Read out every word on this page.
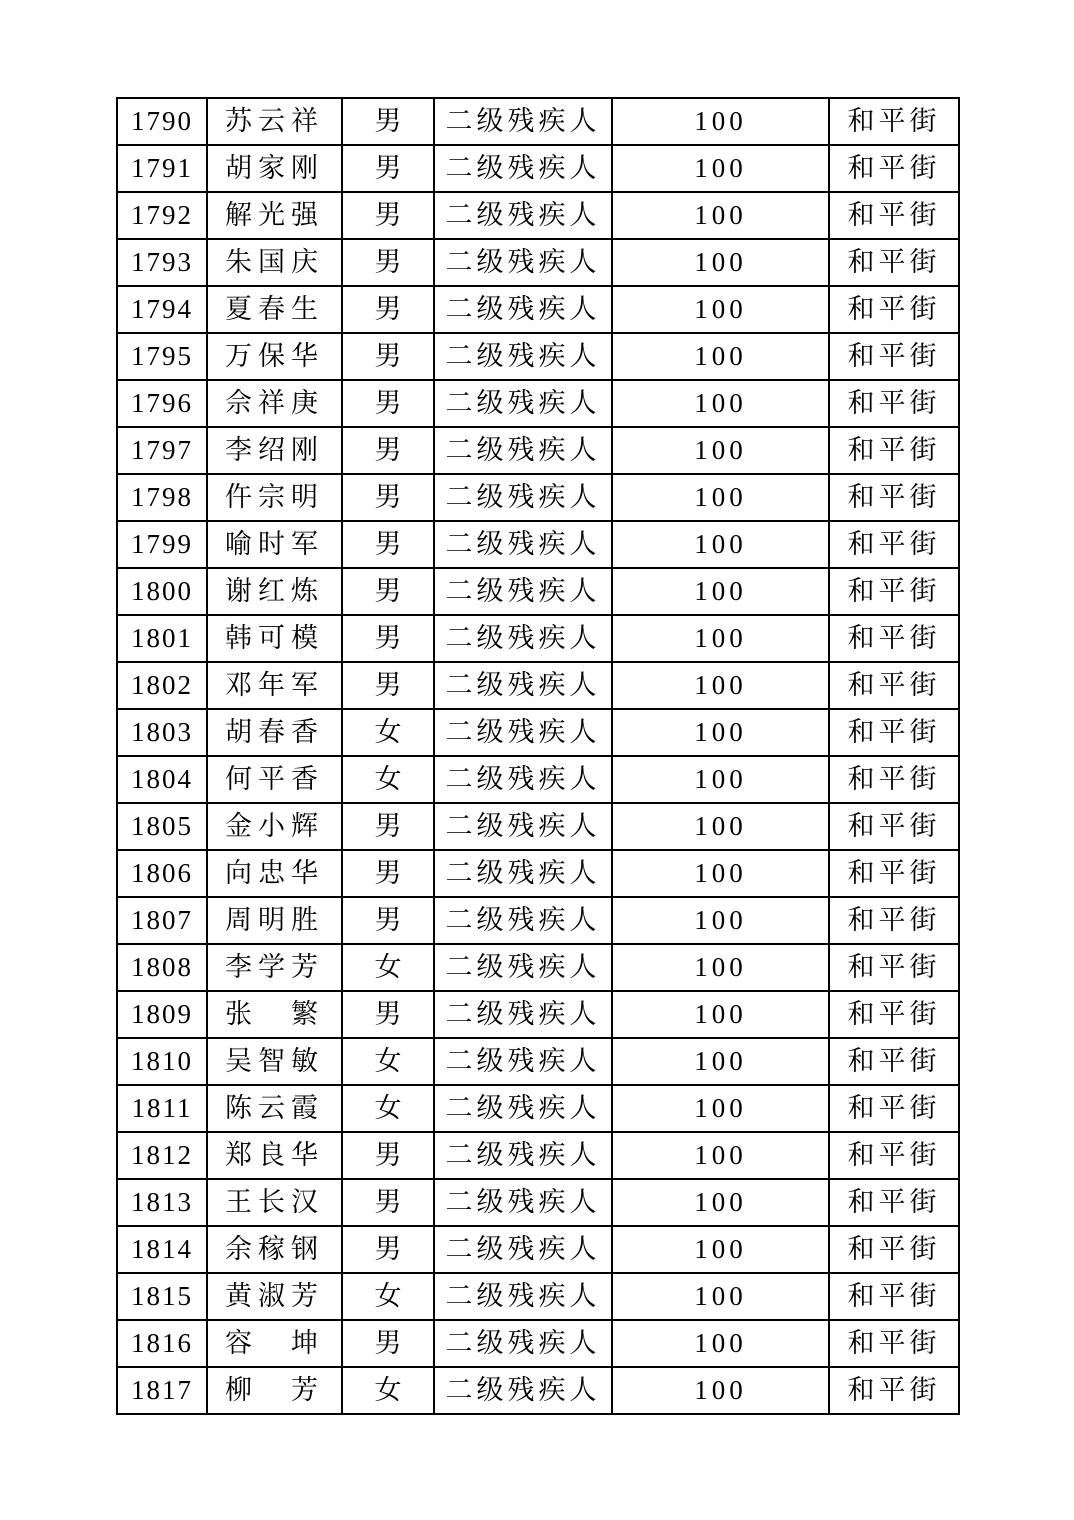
1790	苏云祥	男	二级残疾人	100	和平街
1791	胡家刚	男	二级残疾人	100	和平街
1792	解光强	男	二级残疾人	100	和平街
1793	朱国庆	男	二级残疾人	100	和平街
1794	夏春生	男	二级残疾人	100	和平街
1795	万保华	男	二级残疾人	100	和平街
1796	佘祥庚	男	二级残疾人	100	和平街
1797	李绍刚	男	二级残疾人	100	和平街
1798	仵宗明	男	二级残疾人	100	和平街
1799	喻时军	男	二级残疾人	100	和平街
1800	谢红炼	男	二级残疾人	100	和平街
1801	韩可模	男	二级残疾人	100	和平街
1802	邓年军	男	二级残疾人	100	和平街
1803	胡春香	女	二级残疾人	100	和平街
1804	何平香	女	二级残疾人	100	和平街
1805	金小辉	男	二级残疾人	100	和平街
1806	向忠华	男	二级残疾人	100	和平街
1807	周明胜	男	二级残疾人	100	和平街
1808	李学芳	女	二级残疾人	100	和平街
1809	张　繁	男	二级残疾人	100	和平街
1810	吴智敏	女	二级残疾人	100	和平街
1811	陈云霞	女	二级残疾人	100	和平街
1812	郑良华	男	二级残疾人	100	和平街
1813	王长汉	男	二级残疾人	100	和平街
1814	余稼钢	男	二级残疾人	100	和平街
1815	黄淑芳	女	二级残疾人	100	和平街
1816	容　坤	男	二级残疾人	100	和平街
1817	柳　芳	女	二级残疾人	100	和平街
